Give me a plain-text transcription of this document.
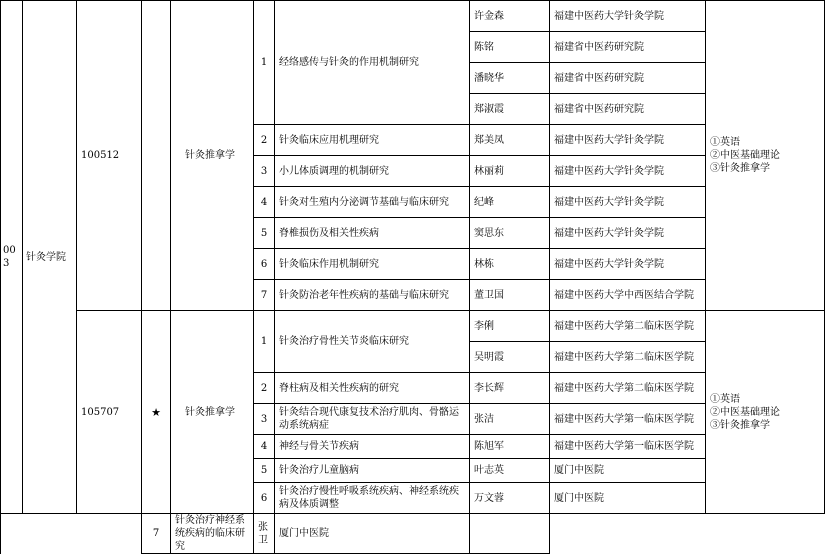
003	针灸学院	100512		针灸推拿学	1	经络感传与针灸的作用机制研究	许金森	福建中医药大学针灸学院	①英语
②中医基础理论
③针灸推拿学

							陈铭	福建省中医药研究院	
							潘晓华	福建省中医药研究院	
							郑淑霞	福建省中医药研究院	
					2	针灸临床应用机理研究	郑美凤	福建中医药大学针灸学院	
					3	小儿体质调理的机制研究	林丽莉	福建中医药大学针灸学院	
					4	针灸对生殖内分泌调节基础与临床研究	纪峰	福建中医药大学针灸学院	
					5	脊椎损伤及相关性疾病	窦思东	福建中医药大学针灸学院	
					6	针灸临床作用机制研究	林栋	福建中医药大学针灸学院	
					7	针灸防治老年性疾病的基础与临床研究	董卫国	福建中医药大学中西医结合学院	
		105707	★	针灸推拿学	1	针灸治疗骨性关节炎临床研究	李俐	福建中医药大学第二临床医学院	①英语
②中医基础理论
③针灸推拿学

							吴明霞	福建中医药大学第二临床医学院	
					2	脊柱病及相关性疾病的研究	李长辉	福建中医药大学第二临床医学院	
					3	针灸结合现代康复技术治疗肌肉、骨骼运动系统病症	张洁	福建中医药大学第一临床医学院	
					4	神经与骨关节疾病	陈旭军	福建中医药大学第一临床医学院	
					5	针灸治疗儿童脑病	叶志英	厦门中医院	
					6	针灸治疗慢性呼吸系统疾病、神经系统疾病及体质调整	万文蓉	厦门中医院	
			7	针灸治疗神经系统疾病的临床研究	张卫	厦门中医院			
